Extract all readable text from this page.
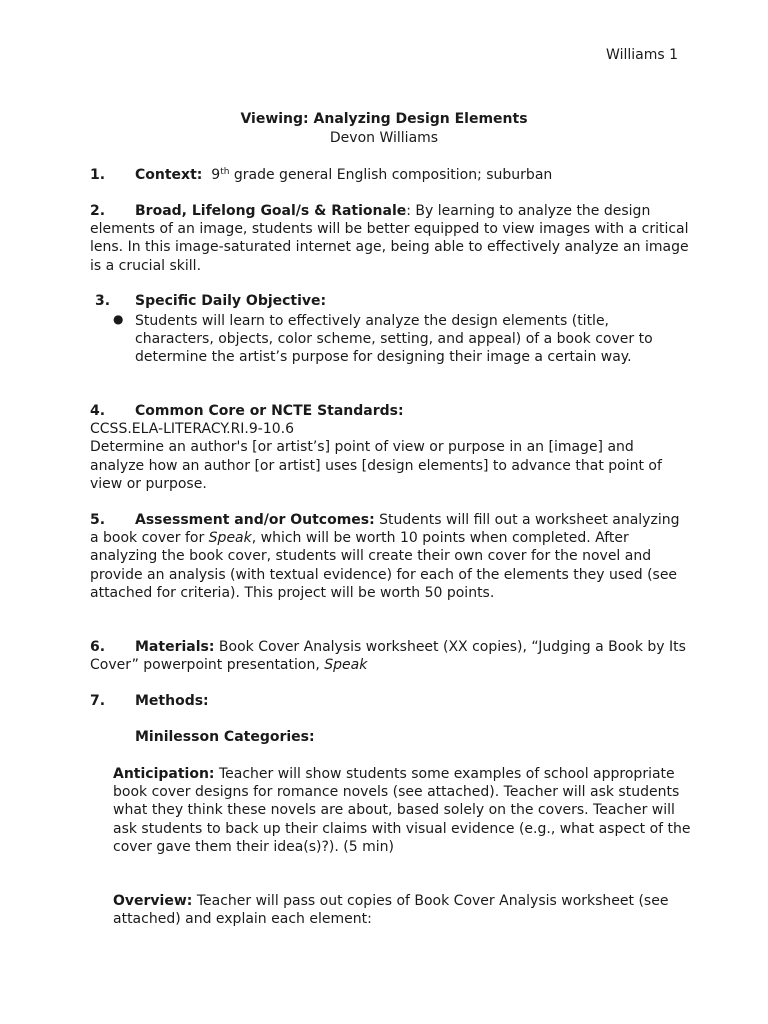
Williams 1
Viewing: Analyzing Design Elements
Devon Williams

1. Context: 9th grade general English composition; suburban

2. Broad, Lifelong Goal/s & Rationale: By learning to analyze the design elements of an image, students will be better equipped to view images with a critical lens. In this image-saturated internet age, being able to effectively analyze an image is a crucial skill.

3. Specific Daily Objective:

● Students will learn to effectively analyze the design elements (title, characters, objects, color scheme, setting, and appeal) of a book cover to determine the artist’s purpose for designing their image a certain way.

4. Common Core or NCTE Standards:
CCSS.ELA-LITERACY.RI.9-10.6
Determine an author's [or artist’s] point of view or purpose in an [image] and analyze how an author [or artist] uses [design elements] to advance that point of view or purpose.

5. Assessment and/or Outcomes: Students will fill out a worksheet analyzing a book cover for Speak, which will be worth 10 points when completed. After analyzing the book cover, students will create their own cover for the novel and provide an analysis (with textual evidence) for each of the elements they used (see attached for criteria). This project will be worth 50 points.

6. Materials: Book Cover Analysis worksheet (XX copies), “Judging a Book by Its Cover” powerpoint presentation, Speak

7. Methods:

Minilesson Categories:

Anticipation: Teacher will show students some examples of school appropriate book cover designs for romance novels (see attached). Teacher will ask students what they think these novels are about, based solely on the covers. Teacher will ask students to back up their claims with visual evidence (e.g., what aspect of the cover gave them their idea(s)?). (5 min)

Overview: Teacher will pass out copies of Book Cover Analysis worksheet (see attached) and explain each element:
